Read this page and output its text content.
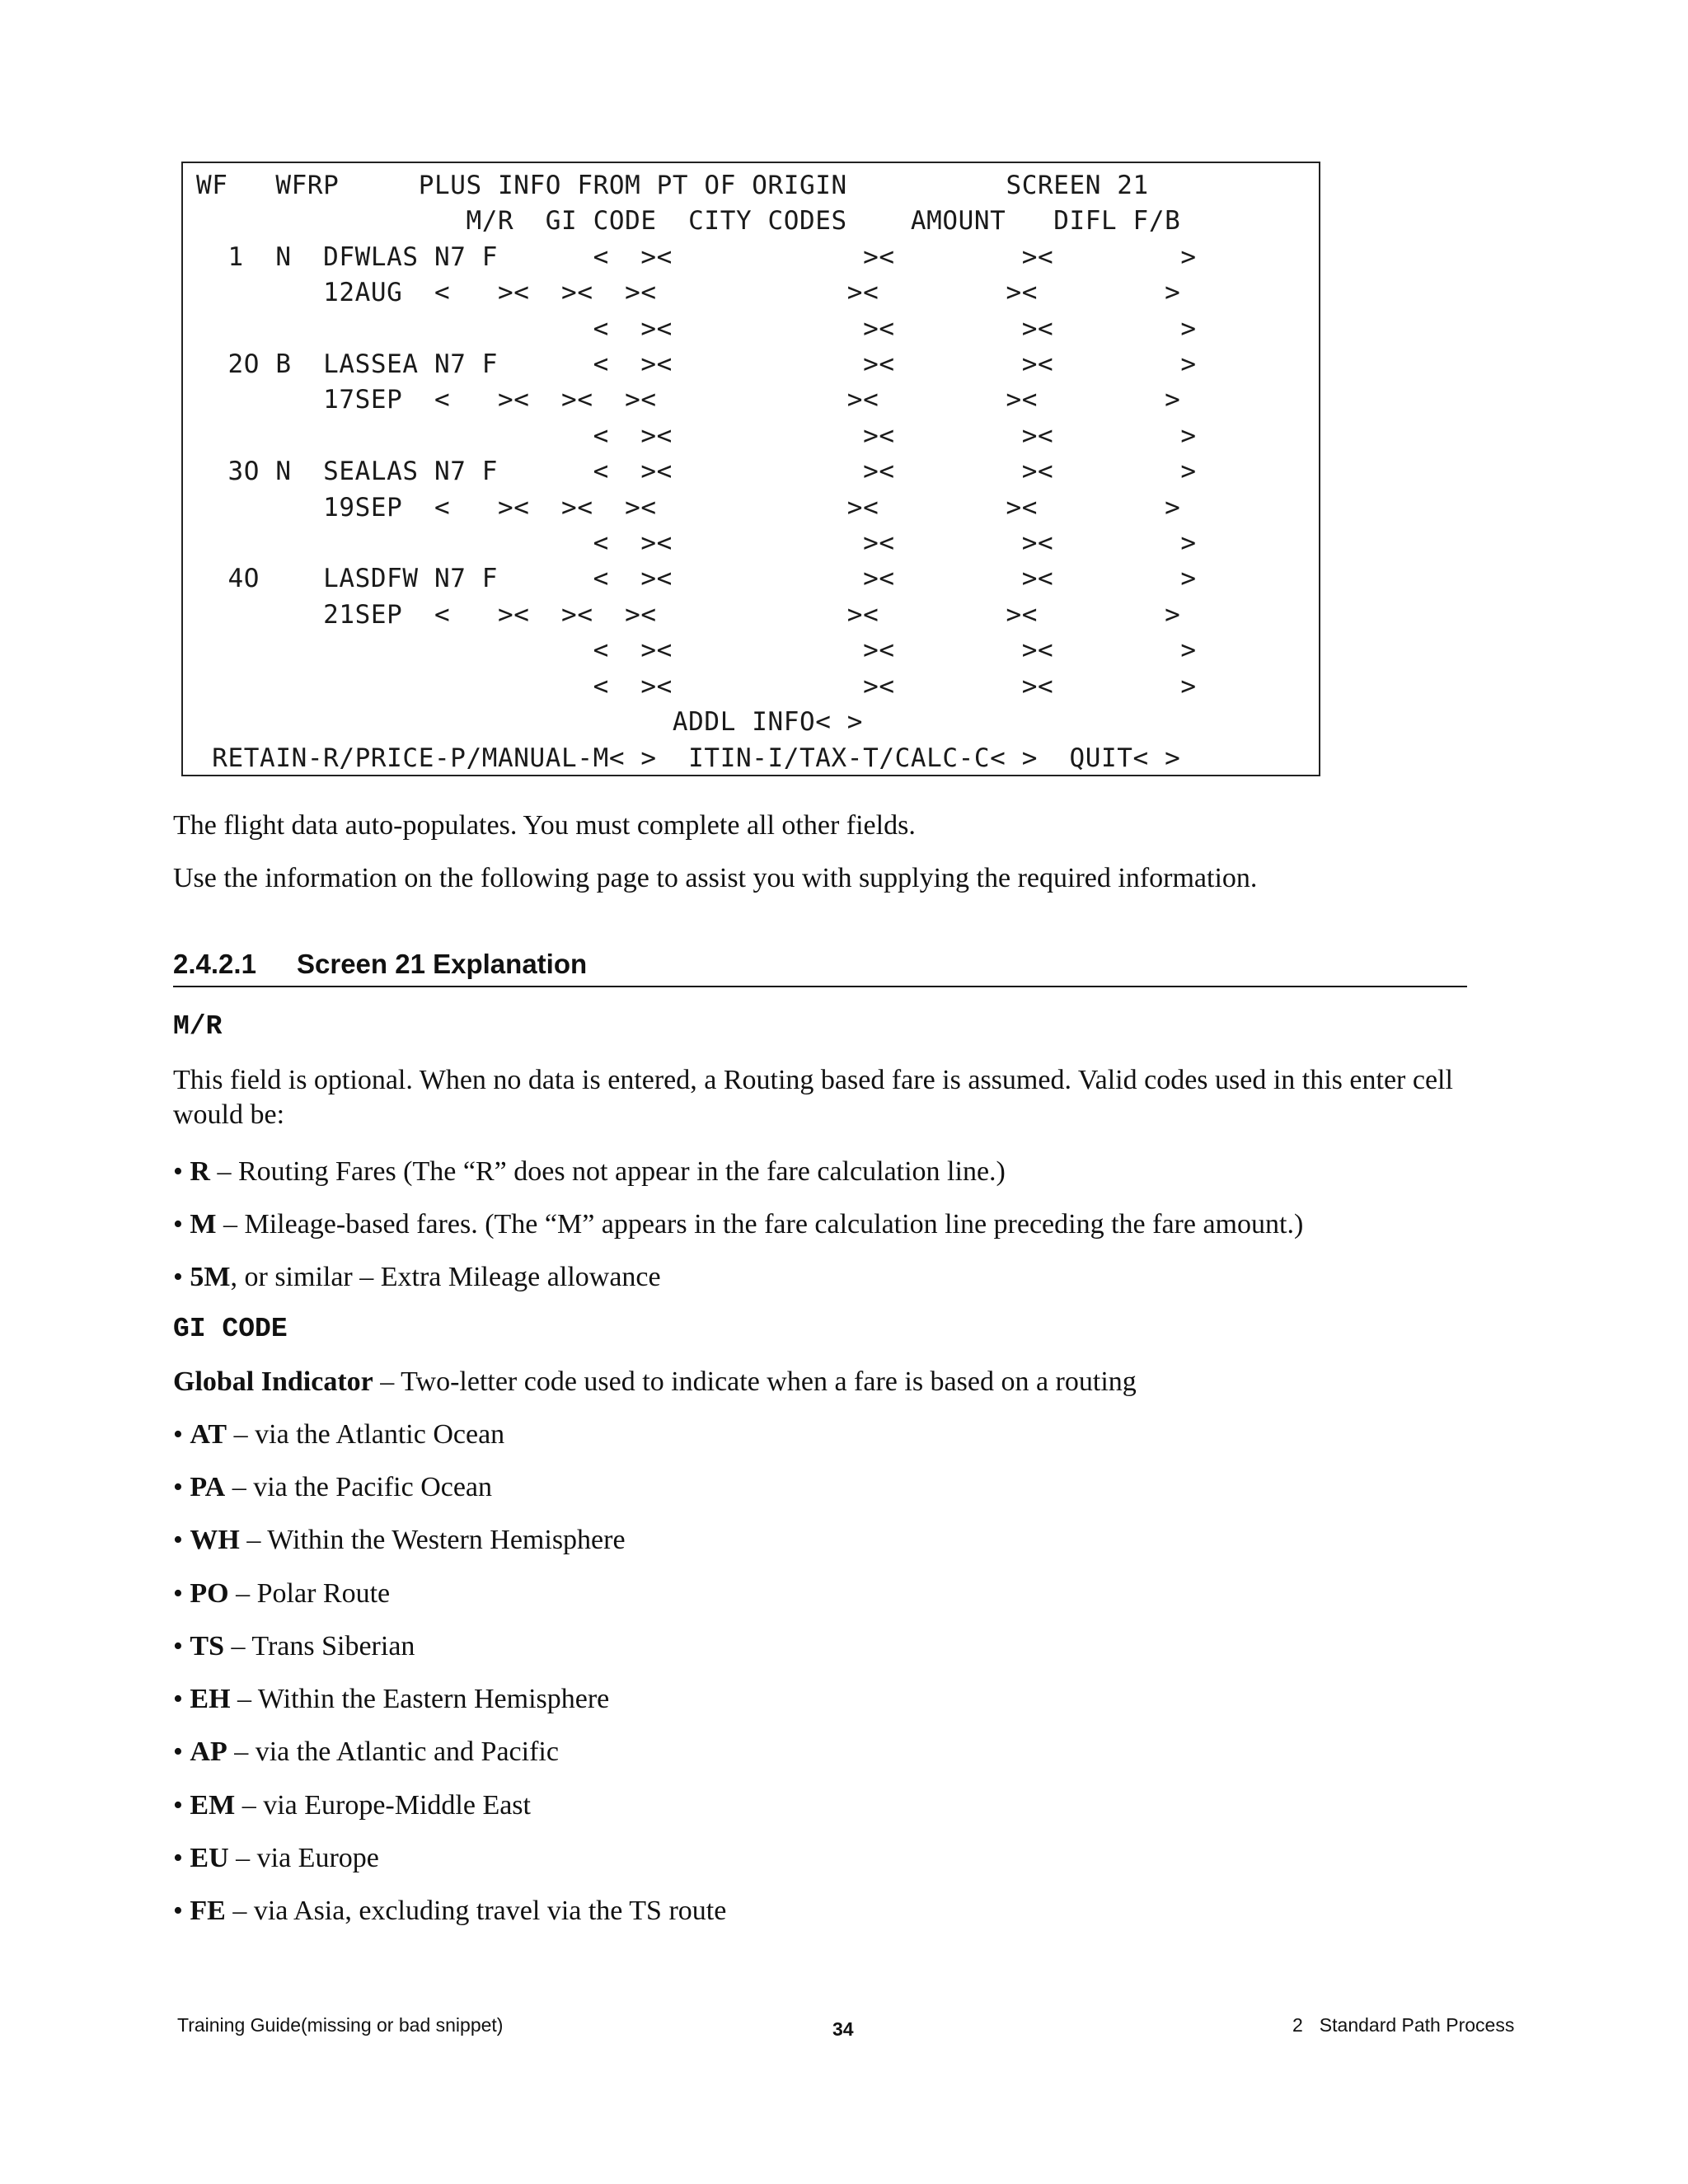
WF   WFRP     PLUS INFO FROM PT OF ORIGIN          SCREEN 21
M/R  GI CODE  CITY CODES    AMOUNT   DIFL F/B
1  N  DFWLAS N7 F      <  ><            ><        ><        >
12AUG  <   ><  ><  ><            ><        ><        >
<  ><            ><        ><        >
2O B  LASSEA N7 F      <  ><            ><        ><        >
17SEP  <   ><  ><  ><            ><        ><        >
<  ><            ><        ><        >
3O N  SEALAS N7 F      <  ><            ><        ><        >
19SEP  <   ><  ><  ><            ><        ><        >
<  ><            ><        ><        >
4O    LASDFW N7 F      <  ><            ><        ><        >
21SEP  <   ><  ><  ><            ><        ><        >
<  ><            ><        ><        >
<  ><            ><        ><        >
ADDL INFO< >
RETAIN-R/PRICE-P/MANUAL-M< >  ITIN-I/TAX-T/CALC-C< >  QUIT< >

The flight data auto-populates. You must complete all other fields.

Use the information on the following page to assist you with supplying the required information.

2.4.2.1 Screen 21 Explanation
M/R

This field is optional. When no data is entered, a Routing based fare is assumed. Valid codes used in this enter cell would be:

• R – Routing Fares (The “R” does not appear in the fare calculation line.)

• M – Mileage-based fares. (The “M” appears in the fare calculation line preceding the fare amount.)

• 5M, or similar – Extra Mileage allowance

GI CODE

Global Indicator – Two-letter code used to indicate when a fare is based on a routing

• AT – via the Atlantic Ocean

• PA – via the Pacific Ocean

• WH – Within the Western Hemisphere

• PO – Polar Route

• TS – Trans Siberian

• EH – Within the Eastern Hemisphere

• AP – via the Atlantic and Pacific

• EM – via Europe-Middle East

• EU – via Europe

• FE – via Asia, excluding travel via the TS route

Training Guide(missing or bad snippet)	34	2 Standard Path Process
